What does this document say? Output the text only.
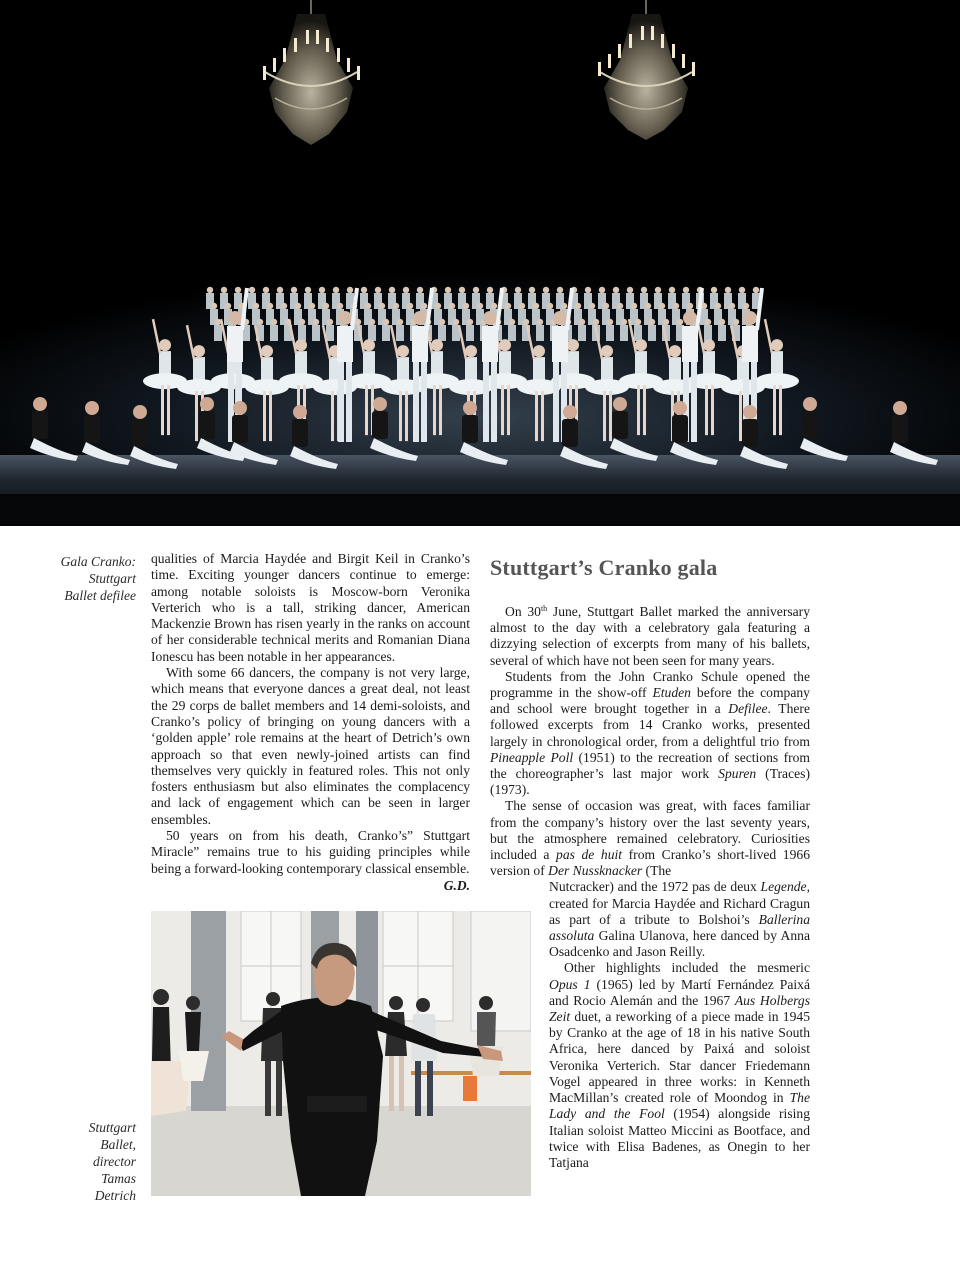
Gala Cranko:
Stuttgart
Ballet defilee
Stuttgart
Ballet,
director
Tamas
Detrich

qualities of Marcia Haydée and Birgit Keil in Cranko’s time. Exciting younger dancers continue to emerge: among notable soloists is Moscow-born Veronika Verterich who is a tall, striking dancer, American Mackenzie Brown has risen yearly in the ranks on account of her considerable technical merits and Romanian Diana Ionescu has been notable in her appearances.

With some 66 dancers, the company is not very large, which means that everyone dances a great deal, not least the 29 corps de ballet members and 14 demi-soloists, and Cranko’s policy of bringing on young dancers with a ‘golden apple’ role remains at the heart of Detrich’s own approach so that even newly-joined artists can find themselves very quickly in featured roles. This not only fosters enthusiasm but also eliminates the complacency and lack of engagement which can be seen in larger ensembles.

50 years on from his death, Cranko’s” Stuttgart Miracle” remains true to his guiding principles while being a forward-looking contemporary classical ensemble.

G.D.
Stuttgart’s Cranko gala

On 30th June, Stuttgart Ballet marked the anniversary almost to the day with a celebratory gala featuring a dizzying selection of excerpts from many of his ballets, several of which have not been seen for many years.

Students from the John Cranko Schule opened the programme in the show-off Etuden before the company and school were brought together in a Defilee. There followed excerpts from 14 Cranko works, presented largely in chronological order, from a delightful trio from Pineapple Poll (1951) to the recreation of sections from the choreographer’s last major work Spuren (Traces) (1973).

The sense of occasion was great, with faces familiar from the company’s history over the last seventy years, but the atmosphere remained celebratory. Curiosities included a pas de huit from Cranko’s short-lived 1966 version of Der Nussknacker (The

Nutcracker) and the 1972 pas de deux Legende, created for Marcia Haydée and Richard Cragun as part of a tribute to Bolshoi’s Ballerina assoluta Galina Ulanova, here danced by Anna Osadcenko and Jason Reilly.

Other highlights included the mesmeric Opus 1 (1965) led by Martí Fernández Paixá and Rocio Alemán and the 1967 Aus Holbergs Zeit duet, a reworking of a piece made in 1945 by Cranko at the age of 18 in his native South Africa, here danced by Paixá and soloist Veronika Verterich. Star dancer Friedemann Vogel appeared in three works: in Kenneth MacMillan’s created role of Moondog in The Lady and the Fool (1954) alongside rising Italian soloist Matteo Miccini as Bootface, and twice with Elisa Badenes, as Onegin to her Tatjana
